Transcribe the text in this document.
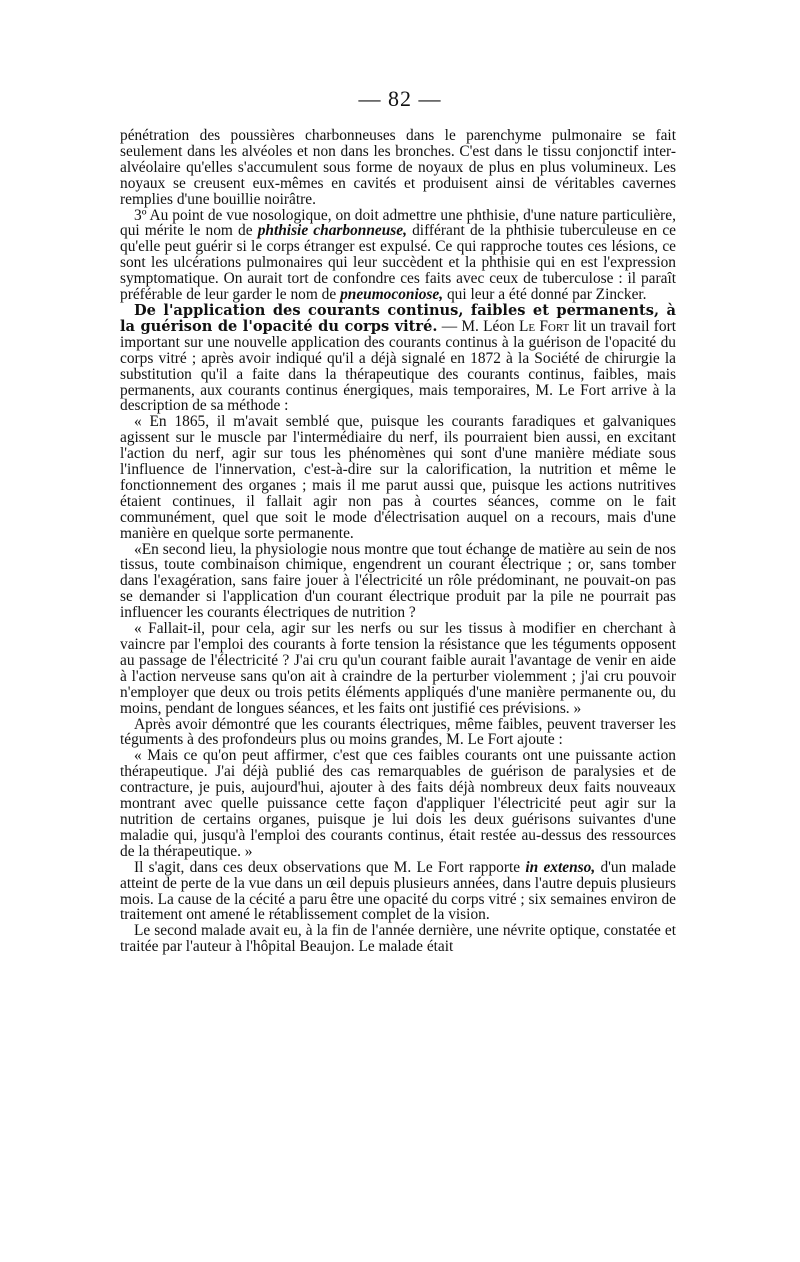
— 82 —

pénétration des poussières charbonneuses dans le parenchyme pulmonaire se fait seulement dans les alvéoles et non dans les bronches. C'est dans le tissu conjonctif inter-alvéolaire qu'elles s'accumulent sous forme de noyaux de plus en plus volumineux. Les noyaux se creusent eux-mêmes en cavités et produisent ainsi de véritables cavernes remplies d'une bouillie noirâtre.

3º Au point de vue nosologique, on doit admettre une phthisie, d'une nature particulière, qui mérite le nom de phthisie charbonneuse, différant de la phthisie tuberculeuse en ce qu'elle peut guérir si le corps étranger est expulsé. Ce qui rapproche toutes ces lésions, ce sont les ulcérations pulmonaires qui leur succèdent et la phthisie qui en est l'expression symptomatique. On aurait tort de confondre ces faits avec ceux de tuberculose : il paraît préférable de leur garder le nom de pneumoconiose, qui leur a été donné par Zincker.

De l'application des courants continus, faibles et permanents, à la guérison de l'opacité du corps vitré. — M. Léon Le Fort lit un travail fort important sur une nouvelle application des courants continus à la guérison de l'opacité du corps vitré ; après avoir indiqué qu'il a déjà signalé en 1872 à la Société de chirurgie la substitution qu'il a faite dans la thérapeutique des courants continus, faibles, mais permanents, aux courants continus énergiques, mais temporaires, M. Le Fort arrive à la description de sa méthode :

« En 1865, il m'avait semblé que, puisque les courants faradiques et galvaniques agissent sur le muscle par l'intermédiaire du nerf, ils pourraient bien aussi, en excitant l'action du nerf, agir sur tous les phénomènes qui sont d'une manière médiate sous l'influence de l'innervation, c'est-à-dire sur la calorification, la nutrition et même le fonctionnement des organes ; mais il me parut aussi que, puisque les actions nutritives étaient continues, il fallait agir non pas à courtes séances, comme on le fait communément, quel que soit le mode d'électrisation auquel on a recours, mais d'une manière en quelque sorte permanente.

«En second lieu, la physiologie nous montre que tout échange de matière au sein de nos tissus, toute combinaison chimique, engendrent un courant électrique ; or, sans tomber dans l'exagération, sans faire jouer à l'électricité un rôle prédominant, ne pouvait-on pas se demander si l'application d'un courant électrique produit par la pile ne pourrait pas influencer les courants électriques de nutrition ?

« Fallait-il, pour cela, agir sur les nerfs ou sur les tissus à modifier en cherchant à vaincre par l'emploi des courants à forte tension la résistance que les téguments opposent au passage de l'électricité ? J'ai cru qu'un courant faible aurait l'avantage de venir en aide à l'action nerveuse sans qu'on ait à craindre de la perturber violemment ; j'ai cru pouvoir n'employer que deux ou trois petits éléments appliqués d'une manière permanente ou, du moins, pendant de longues séances, et les faits ont justifié ces prévisions. »

Après avoir démontré que les courants électriques, même faibles, peuvent traverser les téguments à des profondeurs plus ou moins grandes, M. Le Fort ajoute :

« Mais ce qu'on peut affirmer, c'est que ces faibles courants ont une puissante action thérapeutique. J'ai déjà publié des cas remarquables de guérison de paralysies et de contracture, je puis, aujourd'hui, ajouter à des faits déjà nombreux deux faits nouveaux montrant avec quelle puissance cette façon d'appliquer l'électricité peut agir sur la nutrition de certains organes, puisque je lui dois les deux guérisons suivantes d'une maladie qui, jusqu'à l'emploi des courants continus, était restée au-dessus des ressources de la thérapeutique. »

Il s'agit, dans ces deux observations que M. Le Fort rapporte in extenso, d'un malade atteint de perte de la vue dans un œil depuis plusieurs années, dans l'autre depuis plusieurs mois. La cause de la cécité a paru être une opacité du corps vitré ; six semaines environ de traitement ont amené le rétablissement complet de la vision.

Le second malade avait eu, à la fin de l'année dernière, une névrite optique, constatée et traitée par l'auteur à l'hôpital Beaujon. Le malade était
